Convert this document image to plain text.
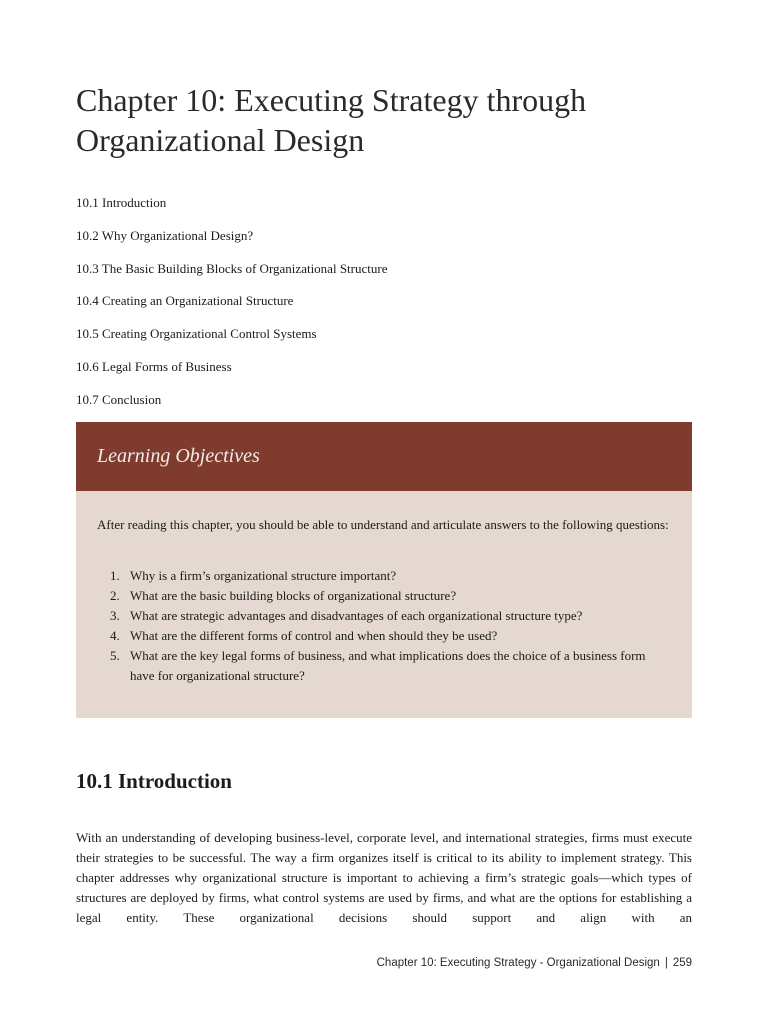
Chapter 10: Executing Strategy through Organizational Design
10.1 Introduction
10.2 Why Organizational Design?
10.3 The Basic Building Blocks of Organizational Structure
10.4 Creating an Organizational Structure
10.5 Creating Organizational Control Systems
10.6 Legal Forms of Business
10.7 Conclusion
Learning Objectives

After reading this chapter, you should be able to understand and articulate answers to the following questions:

1. Why is a firm’s organizational structure important?
2. What are the basic building blocks of organizational structure?
3. What are strategic advantages and disadvantages of each organizational structure type?
4. What are the different forms of control and when should they be used?
5. What are the key legal forms of business, and what implications does the choice of a business form have for organizational structure?
10.1 Introduction

With an understanding of developing business-level, corporate level, and international strategies, firms must execute their strategies to be successful. The way a firm organizes itself is critical to its ability to implement strategy. This chapter addresses why organizational structure is important to achieving a firm’s strategic goals—which types of structures are deployed by firms, what control systems are used by firms, and what are the options for establishing a legal entity. These organizational decisions should support and align with an

Chapter 10: Executing Strategy - Organizational Design | 259
